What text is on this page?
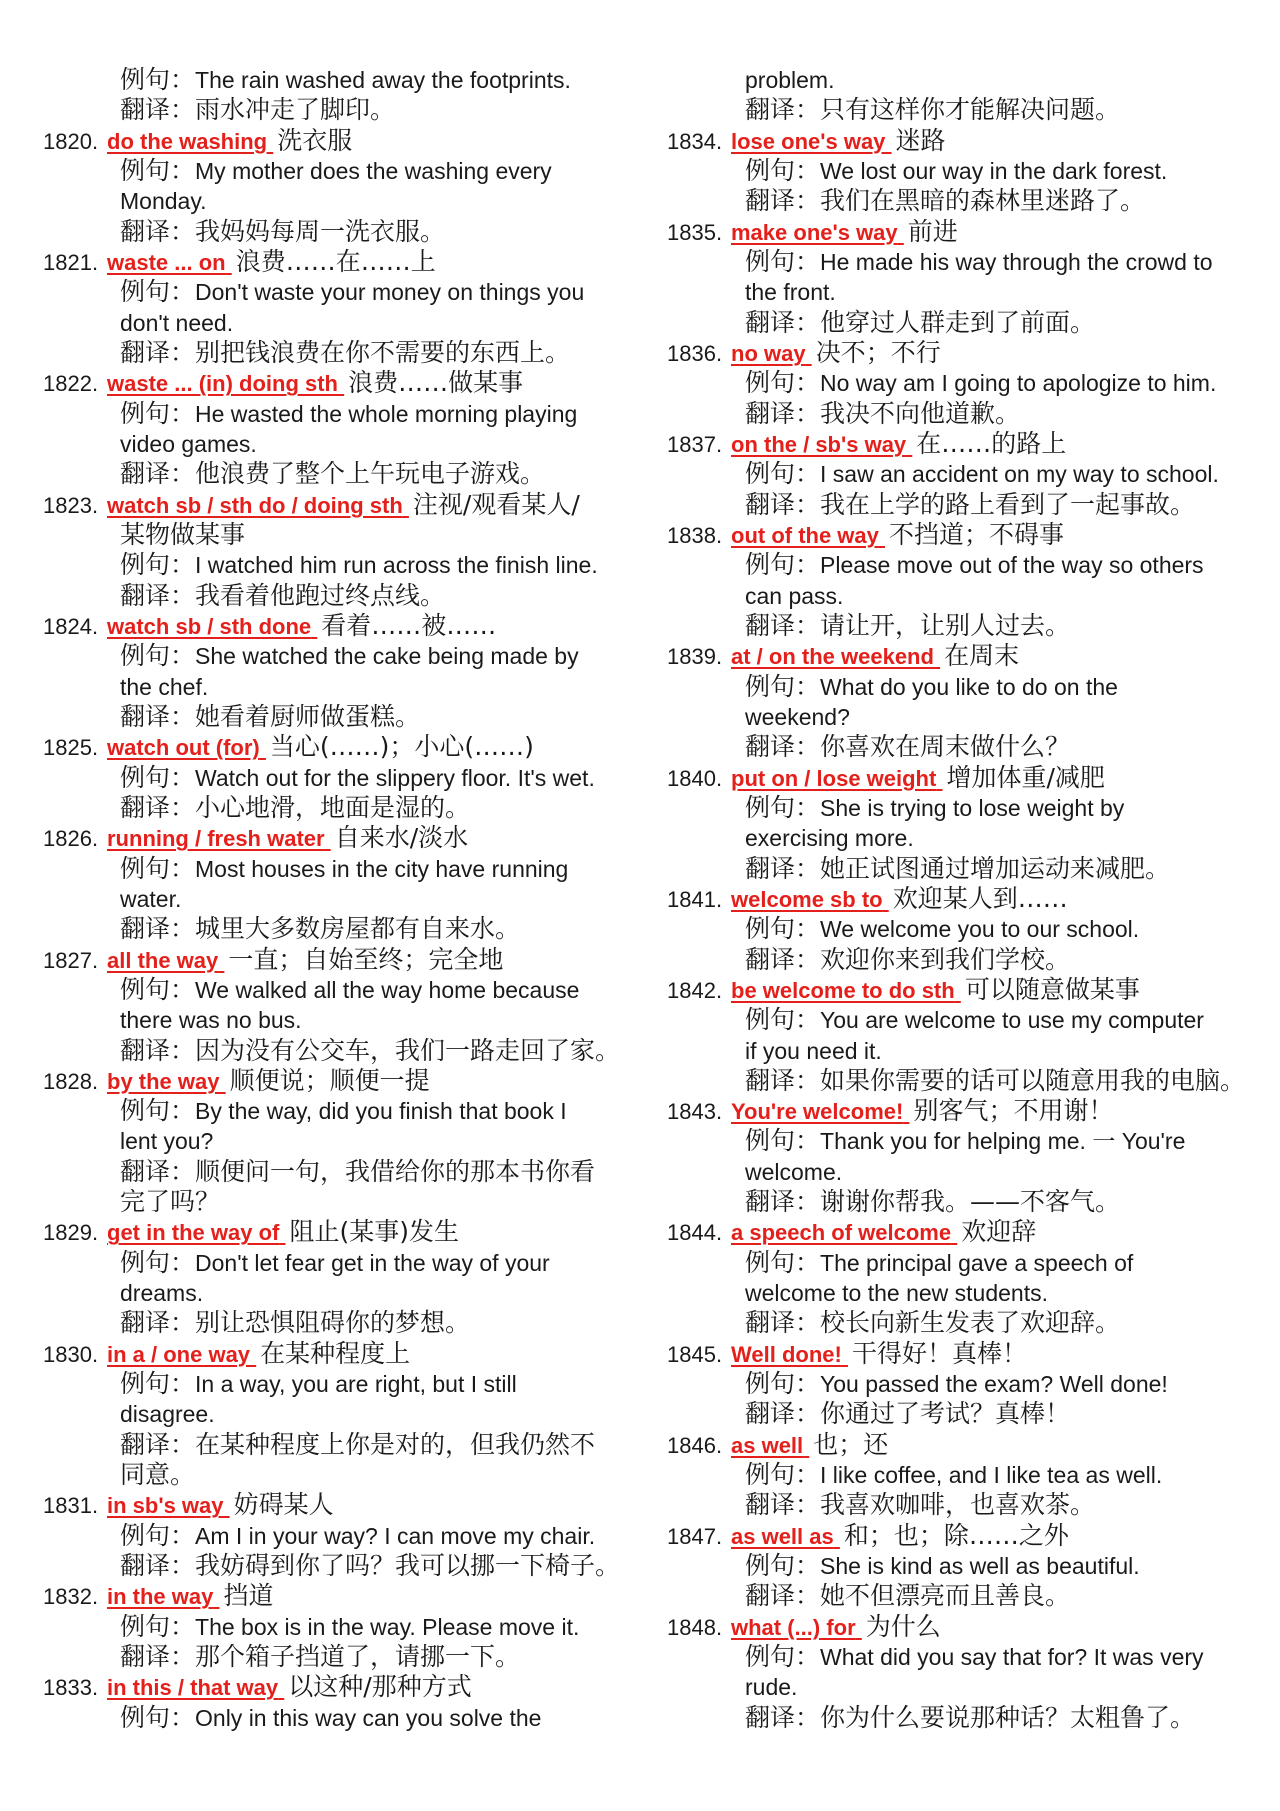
例句：The rain washed away the footprints.
翻译：雨水冲走了脚印。
1820. do the washing 洗衣服
例句：My mother does the washing every
Monday.
翻译：我妈妈每周一洗衣服。
1821. waste ... on 浪费……在……上
例句：Don't waste your money on things you
don't need.
翻译：别把钱浪费在你不需要的东西上。
1822. waste ... (in) doing sth 浪费……做某事
例句：He wasted the whole morning playing
video games.
翻译：他浪费了整个上午玩电子游戏。
1823. watch sb / sth do / doing sth 注视/观看某人/
某物做某事
例句：I watched him run across the finish line.
翻译：我看着他跑过终点线。
1824. watch sb / sth done 看着……被……
例句：She watched the cake being made by
the chef.
翻译：她看着厨师做蛋糕。
1825. watch out (for) 当心(……)；小心(……)
例句：Watch out for the slippery floor. It's wet.
翻译：小心地滑，地面是湿的。
1826. running / fresh water 自来水/淡水
例句：Most houses in the city have running
water.
翻译：城里大多数房屋都有自来水。
1827. all the way 一直；自始至终；完全地
例句：We walked all the way home because
there was no bus.
翻译：因为没有公交车，我们一路走回了家。
1828. by the way 顺便说；顺便一提
例句：By the way, did you finish that book I
lent you?
翻译：顺便问一句，我借给你的那本书你看
完了吗？
1829. get in the way of 阻止(某事)发生
例句：Don't let fear get in the way of your
dreams.
翻译：别让恐惧阻碍你的梦想。
1830. in a / one way 在某种程度上
例句：In a way, you are right, but I still
disagree.
翻译：在某种程度上你是对的，但我仍然不
同意。
1831. in sb's way 妨碍某人
例句：Am I in your way? I can move my chair.
翻译：我妨碍到你了吗？我可以挪一下椅子。
1832. in the way 挡道
例句：The box is in the way. Please move it.
翻译：那个箱子挡道了，请挪一下。
1833. in this / that way 以这种/那种方式
例句：Only in this way can you solve the
problem.
翻译：只有这样你才能解决问题。
1834. lose one's way 迷路
例句：We lost our way in the dark forest.
翻译：我们在黑暗的森林里迷路了。
1835. make one's way 前进
例句：He made his way through the crowd to
the front.
翻译：他穿过人群走到了前面。
1836. no way 决不；不行
例句：No way am I going to apologize to him.
翻译：我决不向他道歉。
1837. on the / sb's way 在……的路上
例句：I saw an accident on my way to school.
翻译：我在上学的路上看到了一起事故。
1838. out of the way 不挡道；不碍事
例句：Please move out of the way so others
can pass.
翻译：请让开，让别人过去。
1839. at / on the weekend 在周末
例句：What do you like to do on the
weekend?
翻译：你喜欢在周末做什么？
1840. put on / lose weight 增加体重/减肥
例句：She is trying to lose weight by
exercising more.
翻译：她正试图通过增加运动来减肥。
1841. welcome sb to 欢迎某人到……
例句：We welcome you to our school.
翻译：欢迎你来到我们学校。
1842. be welcome to do sth 可以随意做某事
例句：You are welcome to use my computer
if you need it.
翻译：如果你需要的话可以随意用我的电脑。
1843. You're welcome! 别客气；不用谢！
例句：Thank you for helping me. 一 You're
welcome.
翻译：谢谢你帮我。——不客气。
1844. a speech of welcome 欢迎辞
例句：The principal gave a speech of
welcome to the new students.
翻译：校长向新生发表了欢迎辞。
1845. Well done! 干得好！真棒！
例句：You passed the exam? Well done!
翻译：你通过了考试？真棒！
1846. as well 也；还
例句：I like coffee, and I like tea as well.
翻译：我喜欢咖啡，也喜欢茶。
1847. as well as 和；也；除……之外
例句：She is kind as well as beautiful.
翻译：她不但漂亮而且善良。
1848. what (...) for 为什么
例句：What did you say that for? It was very
rude.
翻译：你为什么要说那种话？太粗鲁了。
